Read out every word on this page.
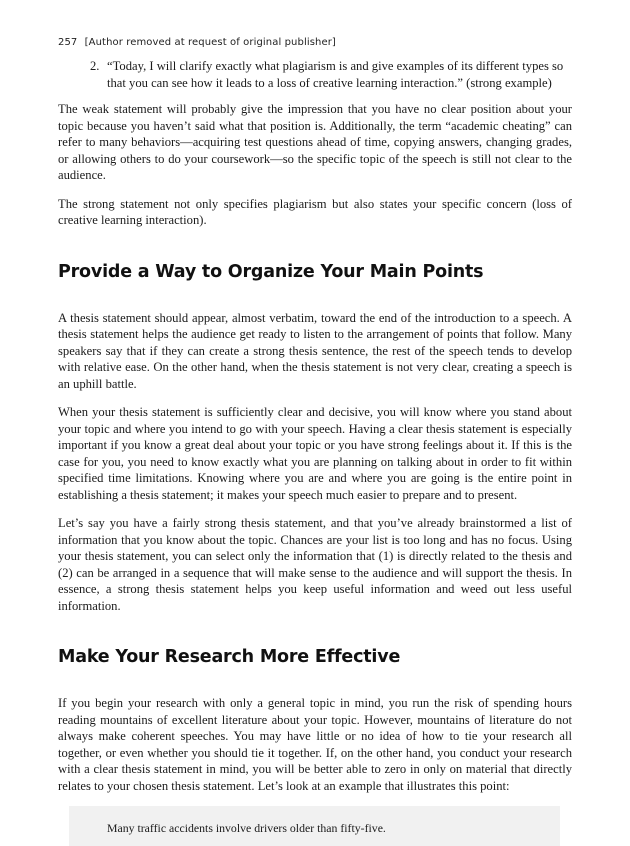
257 [Author removed at request of original publisher]
2. “Today, I will clarify exactly what plagiarism is and give examples of its different types so that you can see how it leads to a loss of creative learning interaction.” (strong example)

The weak statement will probably give the impression that you have no clear position about your topic because you haven’t said what that position is. Additionally, the term “academic cheating” can refer to many behaviors—acquiring test questions ahead of time, copying answers, changing grades, or allowing others to do your coursework—so the specific topic of the speech is still not clear to the audience.

The strong statement not only specifies plagiarism but also states your specific concern (loss of creative learning interaction).

Provide a Way to Organize Your Main Points

A thesis statement should appear, almost verbatim, toward the end of the introduction to a speech. A thesis statement helps the audience get ready to listen to the arrangement of points that follow. Many speakers say that if they can create a strong thesis sentence, the rest of the speech tends to develop with relative ease. On the other hand, when the thesis statement is not very clear, creating a speech is an uphill battle.

When your thesis statement is sufficiently clear and decisive, you will know where you stand about your topic and where you intend to go with your speech. Having a clear thesis statement is especially important if you know a great deal about your topic or you have strong feelings about it. If this is the case for you, you need to know exactly what you are planning on talking about in order to fit within specified time limitations. Knowing where you are and where you are going is the entire point in establishing a thesis statement; it makes your speech much easier to prepare and to present.

Let’s say you have a fairly strong thesis statement, and that you’ve already brainstormed a list of information that you know about the topic. Chances are your list is too long and has no focus. Using your thesis statement, you can select only the information that (1) is directly related to the thesis and (2) can be arranged in a sequence that will make sense to the audience and will support the thesis. In essence, a strong thesis statement helps you keep useful information and weed out less useful information.

Make Your Research More Effective

If you begin your research with only a general topic in mind, you run the risk of spending hours reading mountains of excellent literature about your topic. However, mountains of literature do not always make coherent speeches. You may have little or no idea of how to tie your research all together, or even whether you should tie it together. If, on the other hand, you conduct your research with a clear thesis statement in mind, you will be better able to zero in only on material that directly relates to your chosen thesis statement. Let’s look at an example that illustrates this point:

Many traffic accidents involve drivers older than fifty-five.
